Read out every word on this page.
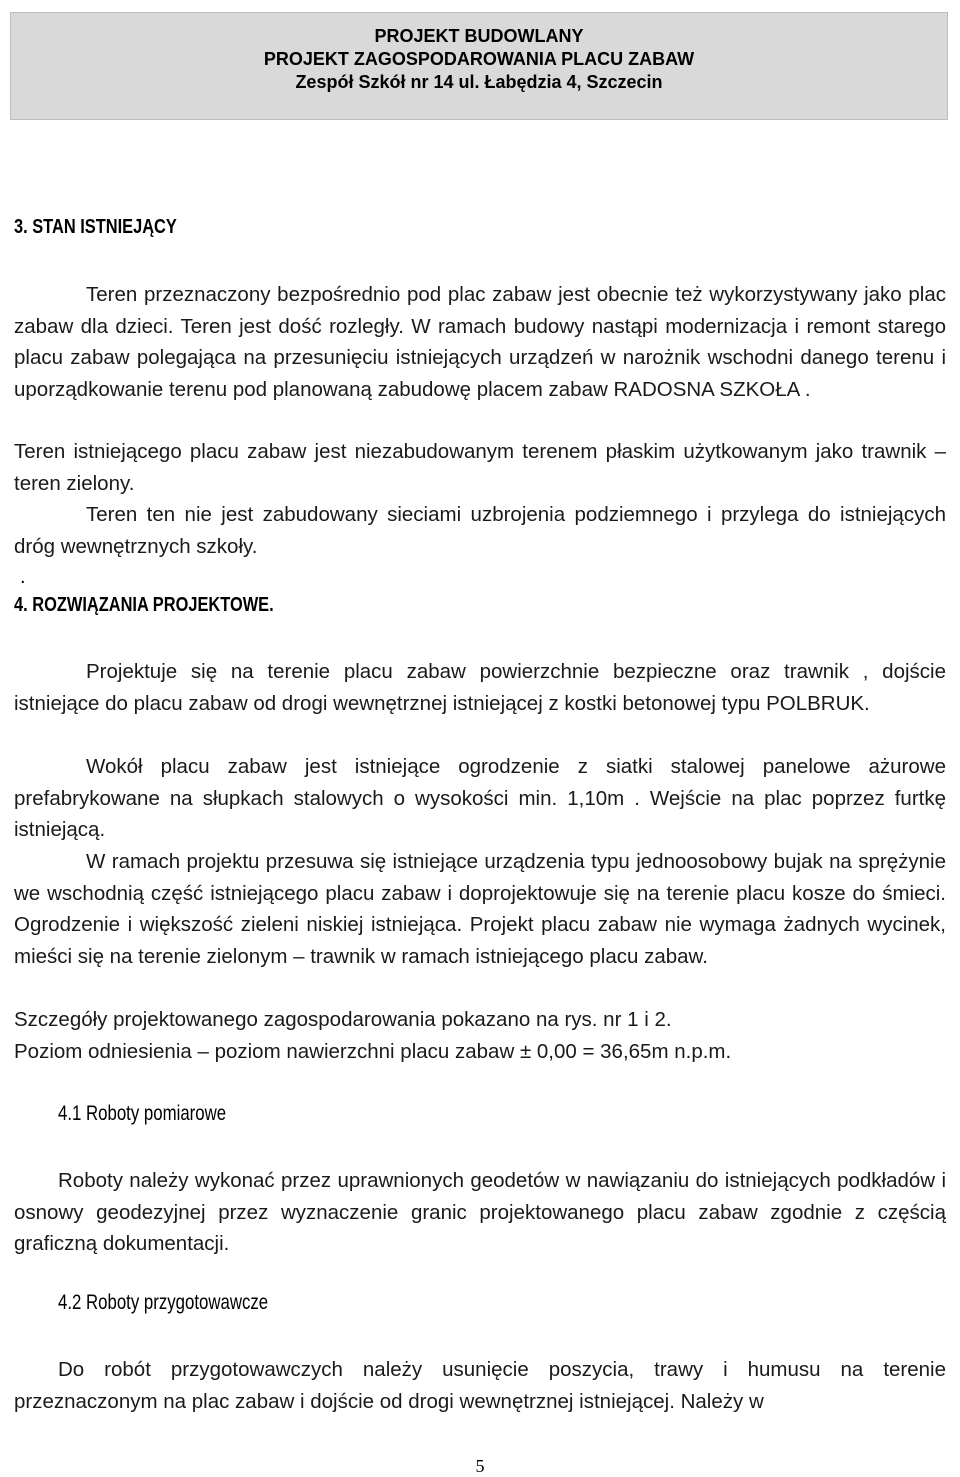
PROJEKT BUDOWLANY
PROJEKT ZAGOSPODAROWANIA PLACU ZABAW
Zespół Szkół nr 14 ul. Łabędzia 4, Szczecin
3. STAN ISTNIEJĄCY
Teren przeznaczony bezpośrednio pod plac zabaw jest obecnie też wykorzystywany jako plac zabaw dla dzieci. Teren jest dość rozległy. W ramach budowy nastąpi modernizacja i remont starego placu zabaw polegająca na przesunięciu istniejących urządzeń w narożnik wschodni danego terenu i uporządkowanie terenu pod planowaną zabudowę placem zabaw RADOSNA SZKOŁA .
Teren istniejącego placu zabaw jest niezabudowanym terenem płaskim użytkowanym jako trawnik – teren zielony.
Teren ten nie jest zabudowany sieciami uzbrojenia podziemnego i przylega do istniejących dróg wewnętrznych szkoły.
.
4. ROZWIĄZANIA PROJEKTOWE.
Projektuje się na terenie placu zabaw powierzchnie bezpieczne oraz trawnik , dojście istniejące do placu zabaw od drogi wewnętrznej istniejącej z kostki betonowej typu POLBRUK.
Wokół placu zabaw jest istniejące ogrodzenie z siatki stalowej panelowe ażurowe prefabrykowane na słupkach stalowych o wysokości min. 1,10m . Wejście na plac poprzez furtkę istniejącą.
W ramach projektu przesuwa się istniejące urządzenia typu jednoosobowy bujak na sprężynie we wschodnią część istniejącego placu zabaw i doprojektowuje się na terenie placu kosze do śmieci. Ogrodzenie i większość zieleni niskiej istniejąca. Projekt placu zabaw nie wymaga żadnych wycinek, mieści się na terenie zielonym – trawnik w ramach istniejącego placu zabaw.
Szczegóły projektowanego zagospodarowania pokazano na rys. nr 1 i 2.
Poziom odniesienia – poziom nawierzchni placu zabaw ± 0,00 = 36,65m n.p.m.
4.1 Roboty pomiarowe
Roboty należy wykonać przez uprawnionych geodetów w nawiązaniu do istniejących podkładów i osnowy geodezyjnej przez wyznaczenie granic projektowanego placu zabaw zgodnie z częścią graficzną dokumentacji.
4.2 Roboty przygotowawcze
Do robót przygotowawczych należy usunięcie poszycia, trawy i humusu na terenie przeznaczonym na plac zabaw i dojście od drogi wewnętrznej istniejącej. Należy w
5
